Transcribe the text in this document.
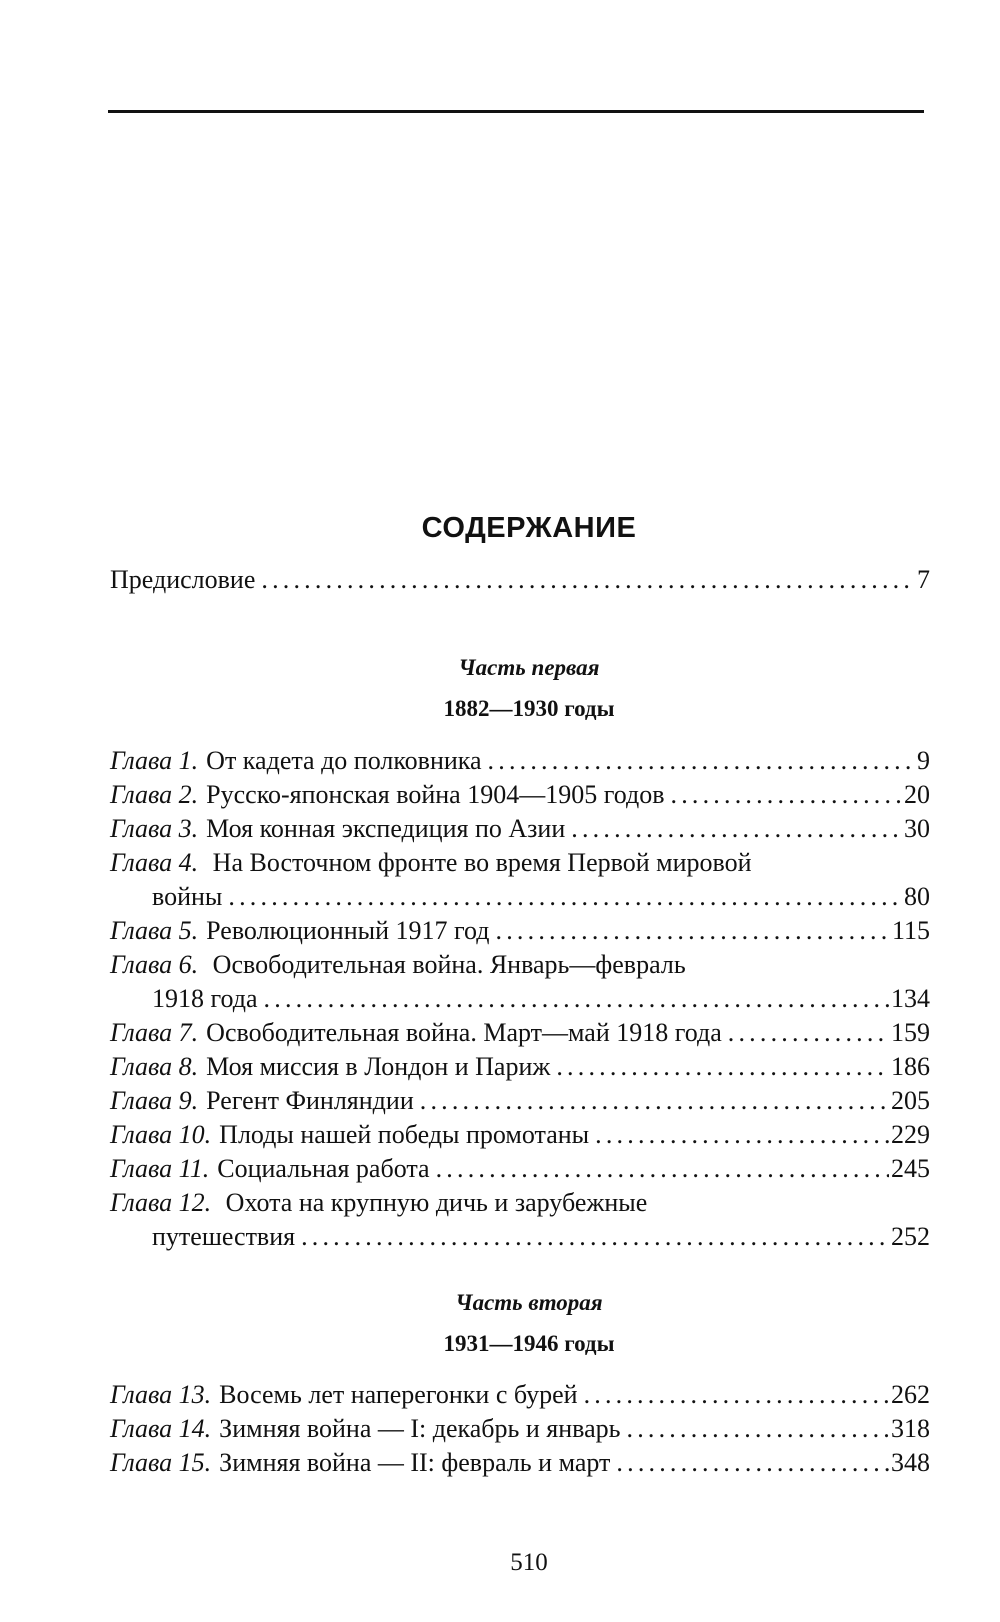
СОДЕРЖАНИЕ
Предисловие .....	7
Часть первая
1882—1930 годы
Глава 1. От кадета до полковника .....	9
Глава 2. Русско-японская война 1904—1905 годов .....	20
Глава 3. Моя конная экспедиция по Азии .....	30
Глава 4. На Восточном фронте во время Первой мировой
войны .....	80
Глава 5. Революционный 1917 год .....	115
Глава 6. Освободительная война. Январь—февраль
1918 года .....	134
Глава 7. Освободительная война. Март—май 1918 года .....	159
Глава 8. Моя миссия в Лондон и Париж .....	186
Глава 9. Регент Финляндии .....	205
Глава 10. Плоды нашей победы промотаны .....	229
Глава 11. Социальная работа .....	245
Глава 12. Охота на крупную дичь и зарубежные
путешествия .....	252
Часть вторая
1931—1946 годы
Глава 13. Восемь лет наперегонки с бурей .....	262
Глава 14. Зимняя война — I: декабрь и январь .....	318
Глава 15. Зимняя война — II: февраль и март .....	348
510
